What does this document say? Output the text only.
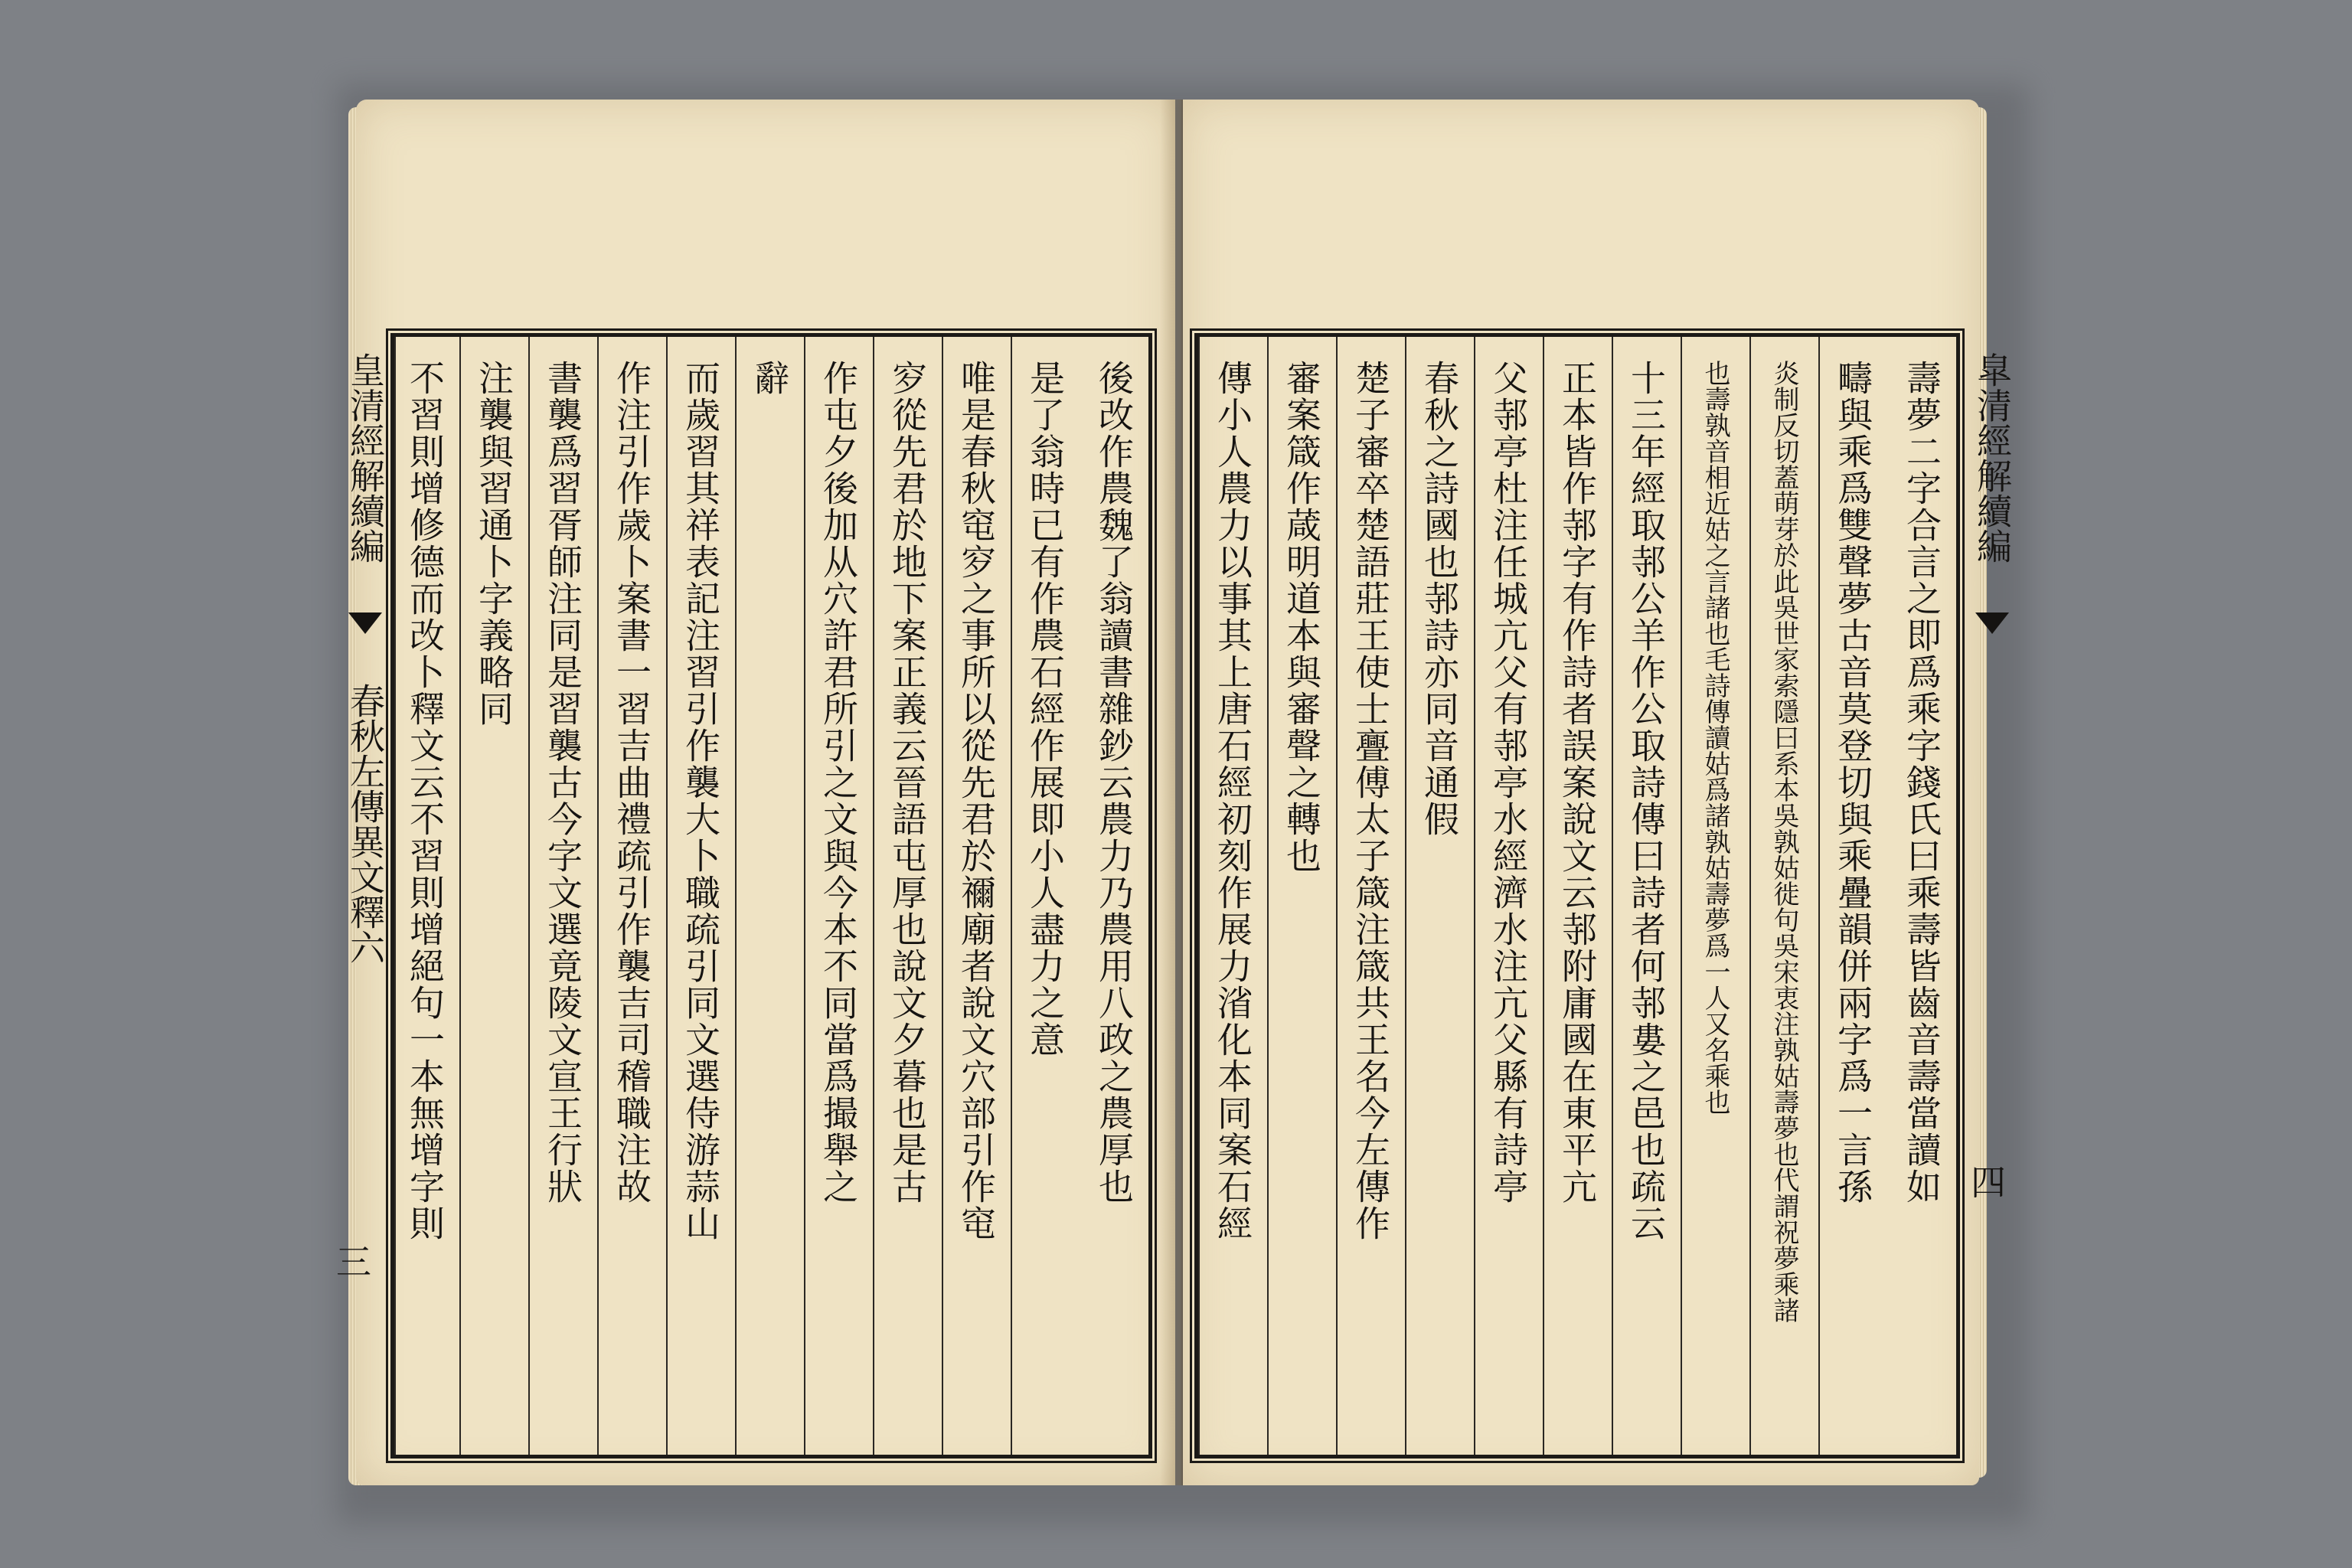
皇清經解續編  春秋左傳異文釋六
三
後改作農魏了翁讀書雜鈔云農力乃農用八政之農厚也
是了翁時已有作農石經作展即小人盡力之意
唯是春秋窀穸之事所以從先君於禰廟者說文穴部引作窀
穸從先君於地下案正義云晉語屯厚也說文夕暮也是古
作屯夕後加从穴許君所引之文與今本不同當爲撮舉之
辭
而歲習其祥表記注習引作襲大卜職疏引同文選侍游蒜山
作注引作歲卜案書一習吉曲禮疏引作襲吉司稽職注故
書襲爲習胥師注同是習襲古今字文選竟陵文宣王行狀
注襲與習通卜字義略同
不習則增修德而改卜釋文云不習則增絕句一本無增字則	皐清經解續編
四
壽夢二字合言之即爲乘字錢氏曰乘壽皆齒音壽當讀如
疇與乘爲雙聲夢古音莫登切與乘疊韻併兩字爲一言孫
炎制反切蓋萌芽於此吳世家索隱曰系本吳孰姑徙句吳宋衷注孰姑壽夢也代謂祝夢乘諸
也壽孰音相近姑之言諸也毛詩傳讀姑爲諸孰姑壽夢爲一人又名乘也
十三年經取邿公羊作公取詩傳曰詩者何邿婁之邑也疏云
正本皆作邿字有作詩者誤案說文云邿附庸國在東平亢
父邿亭杜注任城亢父有邿亭水經濟水注亢父縣有詩亭
春秋之詩國也邿詩亦同音通假
楚子審卒楚語莊王使士亹傅太子箴注箴共王名今左傳作
審案箴作葴明道本與審聲之轉也
傳小人農力以事其上唐石經初刻作展力渻化本同案石經
